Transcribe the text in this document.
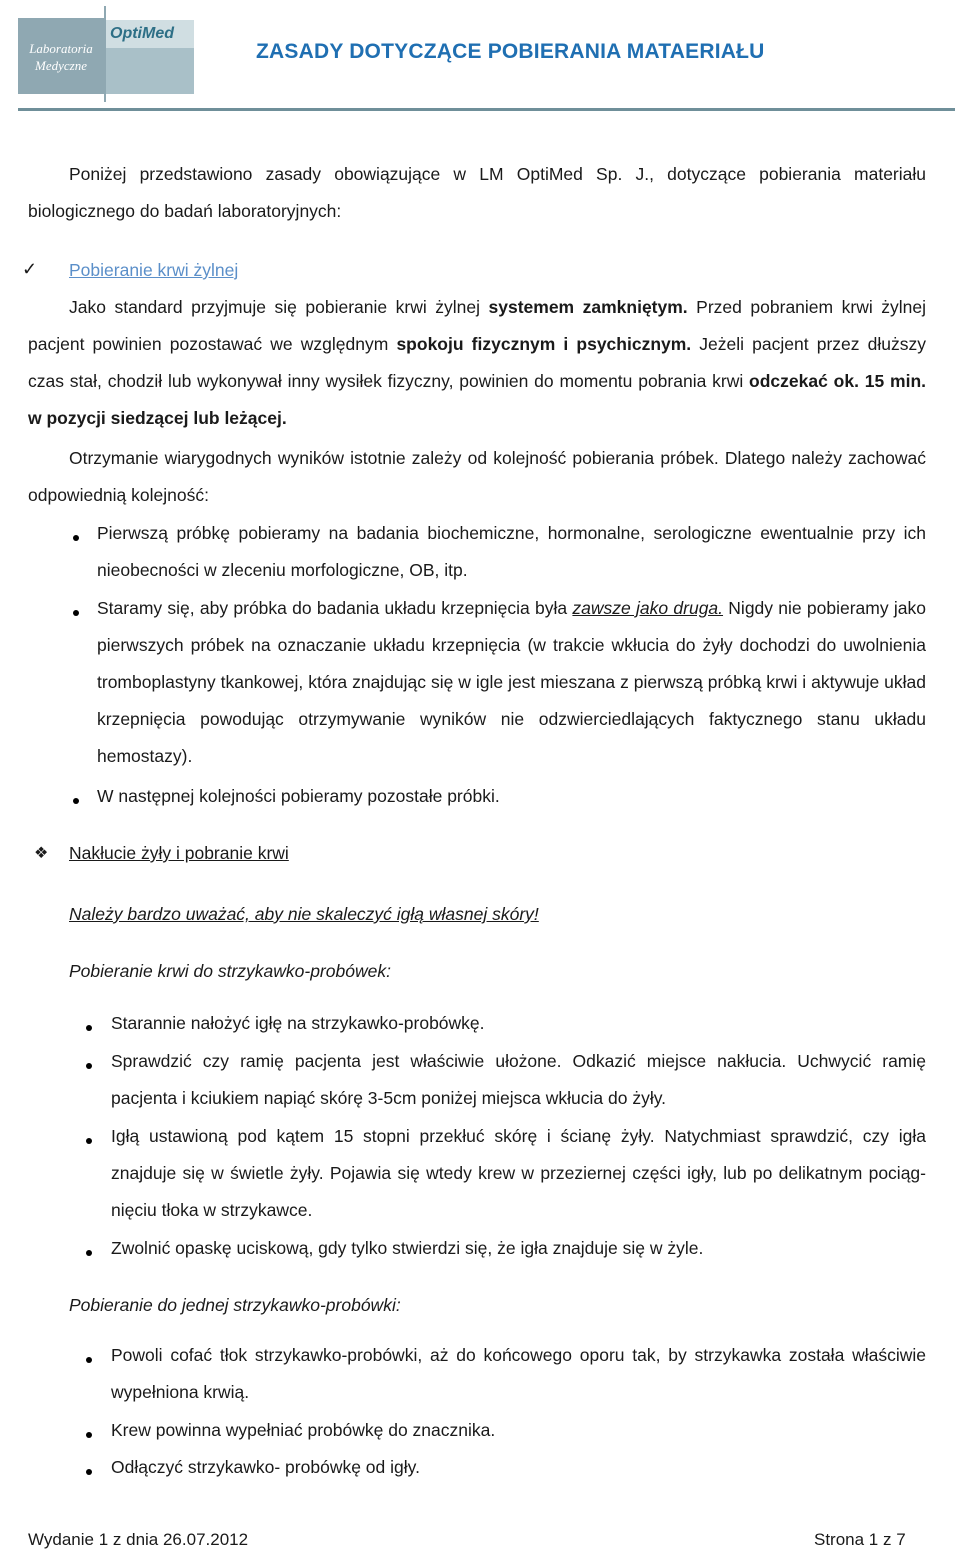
Laboratoria
Medyczne
OptiMed
ZASADY DOTYCZĄCE POBIERANIA MATAERIAŁU

Poniżej przedstawiono zasady obowiązujące w LM OptiMed Sp. J., dotyczące pobierania materiału biologicznego do badań laboratoryjnych:

✓ Pobieranie krwi żylnej

Jako standard przyjmuje się pobieranie krwi żylnej systemem zamkniętym. Przed pobraniem krwi żylnej pacjent powinien pozostawać we względnym spokoju fizycznym i psychicznym. Jeżeli pacjent przez dłuższy czas stał, chodził lub wykonywał inny wysiłek fizyczny, powinien do momentu pobrania krwi odczekać ok. 15 min. w pozycji siedzącej lub leżącej.

Otrzymanie wiarygodnych wyników istotnie zależy od kolejność pobierania próbek. Dlatego należy zachować odpowiednią kolejność:

Pierwszą próbkę pobieramy na badania biochemiczne, hormonalne, serologiczne ewentualnie przy ich nieobecności w zleceniu morfologiczne, OB, itp.

Staramy się, aby próbka do badania układu krzepnięcia była zawsze jako druga. Nigdy nie pobieramy jako pierwszych próbek na oznaczanie układu krzepnięcia (w trakcie wkłucia do żyły dochodzi do uwolnienia tromboplastyny tkankowej, która znajdując się w igle jest mieszana z pierwszą próbką krwi i aktywuje układ krzepnięcia powodując otrzymywanie wyników nie odzwierciedlających faktycznego stanu układu hemostazy).

W następnej kolejności pobieramy pozostałe próbki.

❖ Nakłucie żyły i pobranie krwi

Należy bardzo uważać, aby nie skaleczyć igłą własnej skóry!

Pobieranie krwi do strzykawko-probówek:

Starannie nałożyć igłę na strzykawko-probówkę.

Sprawdzić czy ramię pacjenta jest właściwie ułożone. Odkazić miejsce nakłucia. Uchwycić ramię pacjenta i kciukiem napiąć skórę 3-5cm poniżej miejsca wkłucia do żyły.

Igłą ustawioną pod kątem 15 stopni przekłuć skórę i ścianę żyły. Natychmiast sprawdzić, czy igła znajduje się w świetle żyły. Pojawia się wtedy krew w przeziernej części igły, lub po delikatnym pociąg-nięciu tłoka w strzykawce.

Zwolnić opaskę uciskową, gdy tylko stwierdzi się, że igła znajduje się w żyle.

Pobieranie do jednej strzykawko-probówki:

Powoli cofać tłok strzykawko-probówki, aż do końcowego oporu tak, by strzykawka została właściwie wypełniona krwią.

Krew powinna wypełniać probówkę do znacznika.

Odłączyć strzykawko- probówkę od igły.

Wydanie 1 z dnia 26.07.2012	Strona 1 z 7
